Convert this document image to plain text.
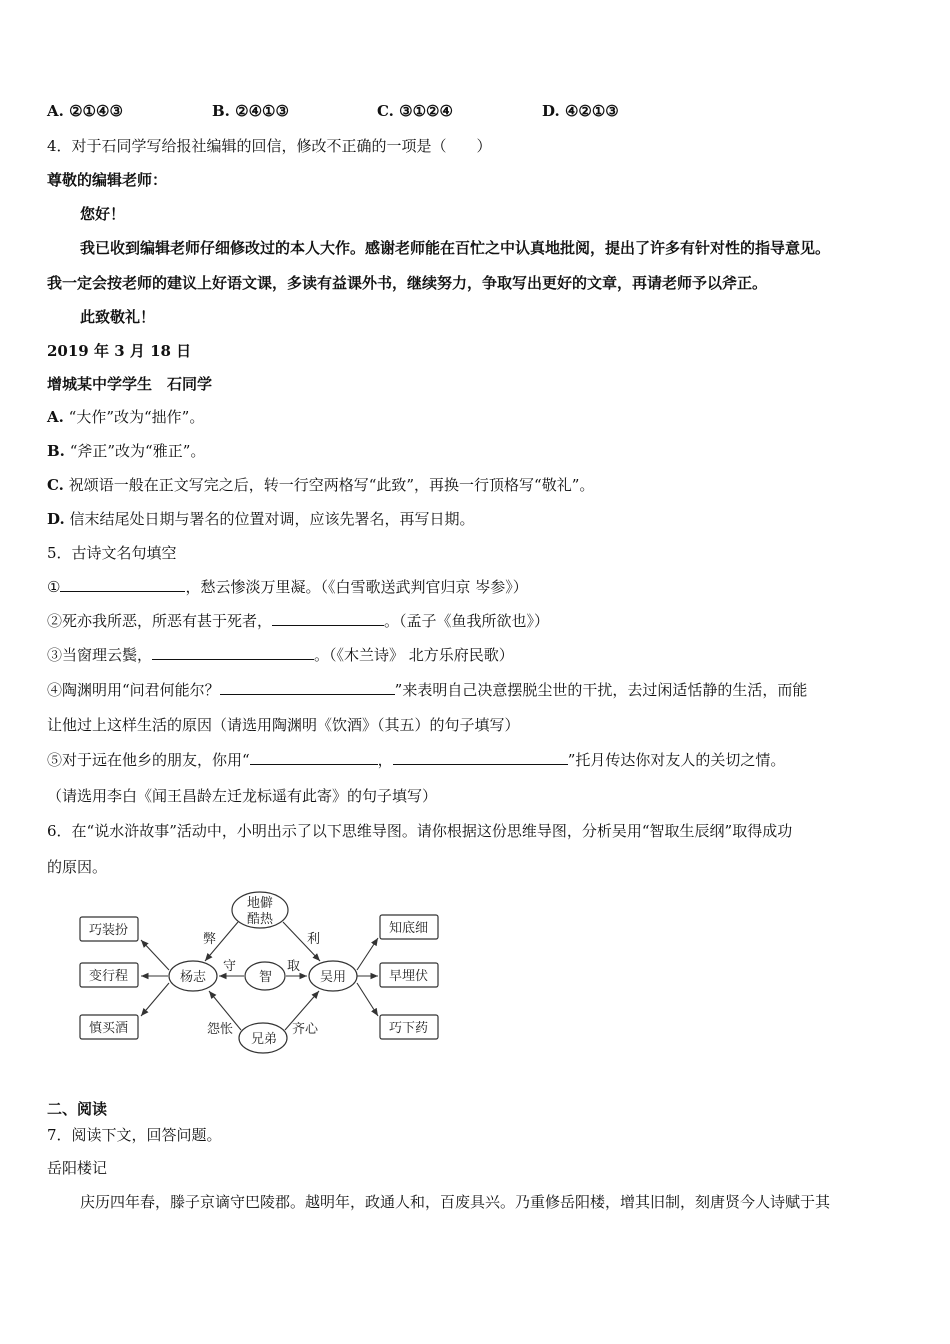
A. ②①④③	B. ②④①③	C. ③①②④	D. ④②①③
4．对于石同学写给报社编辑的回信，修改不正确的一项是（　　）
尊敬的编辑老师：
您好！
我已收到编辑老师仔细修改过的本人大作。感谢老师能在百忙之中认真地批阅，提出了许多有针对性的指导意见。
我一定会按老师的建议上好语文课，多读有益课外书，继续努力，争取写出更好的文章，再请老师予以斧正。
此致敬礼！
2019 年 3 月 18 日
增城某中学学生　石同学
A. “大作”改为“拙作”。
B. “斧正”改为“雅正”。
C. 祝颂语一般在正文写完之后，转一行空两格写“此致”，再换一行顶格写“敬礼”。
D. 信末结尾处日期与署名的位置对调，应该先署名，再写日期。
5．古诗文名句填空
①	，愁云惨淡万里凝。（《白雪歌送武判官归京 岑参》）
②死亦我所恶，所恶有甚于死者，	。（孟子《鱼我所欲也》）
③当窗理云鬓，	。（《木兰诗》 北方乐府民歌）
④陶渊明用“问君何能尔？	”来表明自己决意摆脱尘世的干扰，去过闲适恬静的生活，而能
让他过上这样生活的原因（请选用陶渊明《饮酒》（其五）的句子填写）
⑤对于远在他乡的朋友，你用“	，	”托月传达你对友人的关切之情。
（请选用李白《闻王昌龄左迁龙标遥有此寄》的句子填写）
6．在“说水浒故事”活动中，小明出示了以下思维导图。请你根据这份思维导图，分析吴用“智取生辰纲”取得成功
的原因。
地僻
酷热
杨志	智	吴用
兄弟
巧装扮
变行程
慎买酒
知底细
早埋伏
巧下药
弊	利
守	取
怨怅	齐心
二、阅读
7．阅读下文，回答问题。
岳阳楼记
庆历四年春，滕子京谪守巴陵郡。越明年，政通人和，百废具兴。乃重修岳阳楼，增其旧制，刻唐贤今人诗赋于其
